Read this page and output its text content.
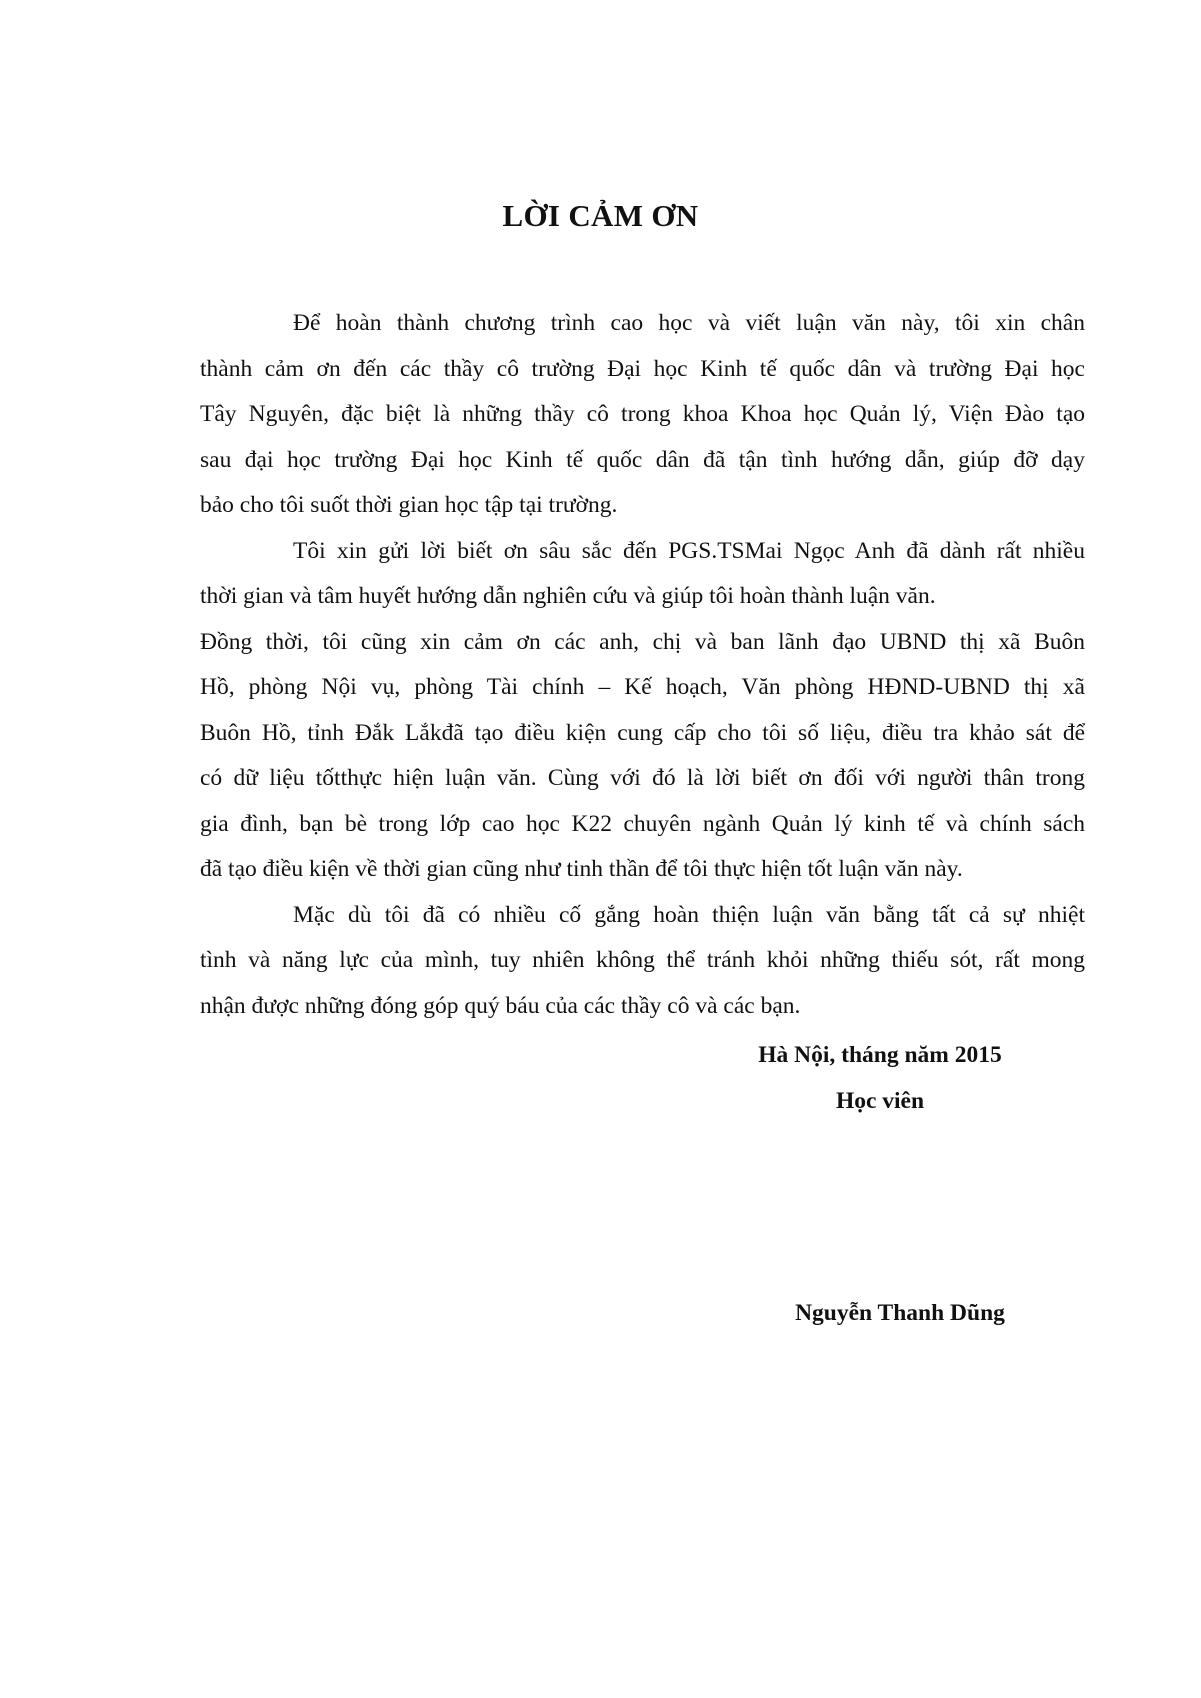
LỜI CẢM ƠN
Để hoàn thành chương trình cao học và viết luận văn này, tôi xin chân
thành cảm ơn đến các thầy cô trường Đại học Kinh tế quốc dân và trường Đại học
Tây Nguyên, đặc biệt là những thầy cô trong khoa Khoa học Quản lý, Viện Đào tạo
sau đại học trường Đại học Kinh tế quốc dân đã tận tình hướng dẫn, giúp đỡ dạy
bảo cho tôi suốt thời gian học tập tại trường.
Tôi xin gửi lời biết ơn sâu sắc đến PGS.TSMai Ngọc Anh đã dành rất nhiều
thời gian và tâm huyết hướng dẫn nghiên cứu và giúp tôi hoàn thành luận văn.
Đồng thời, tôi cũng xin cảm ơn các anh, chị và ban lãnh đạo UBND thị xã Buôn
Hồ, phòng Nội vụ, phòng Tài chính – Kế hoạch, Văn phòng HĐND-UBND thị xã
Buôn Hồ, tỉnh Đắk Lắkđã tạo điều kiện cung cấp cho tôi số liệu, điều tra khảo sát để
có dữ liệu tốtthực hiện luận văn. Cùng với đó là lời biết ơn đối với người thân trong
gia đình, bạn bè trong lớp cao học K22 chuyên ngành Quản lý kinh tế và chính sách
đã tạo điều kiện về thời gian cũng như tinh thần để tôi thực hiện tốt luận văn này.
Mặc dù tôi đã có nhiều cố gắng hoàn thiện luận văn bằng tất cả sự nhiệt
tình và năng lực của mình, tuy nhiên không thể tránh khỏi những thiếu sót, rất mong
nhận được những đóng góp quý báu của các thầy cô và các bạn.
Hà Nội, tháng năm 2015
Học viên
Nguyễn Thanh Dũng
